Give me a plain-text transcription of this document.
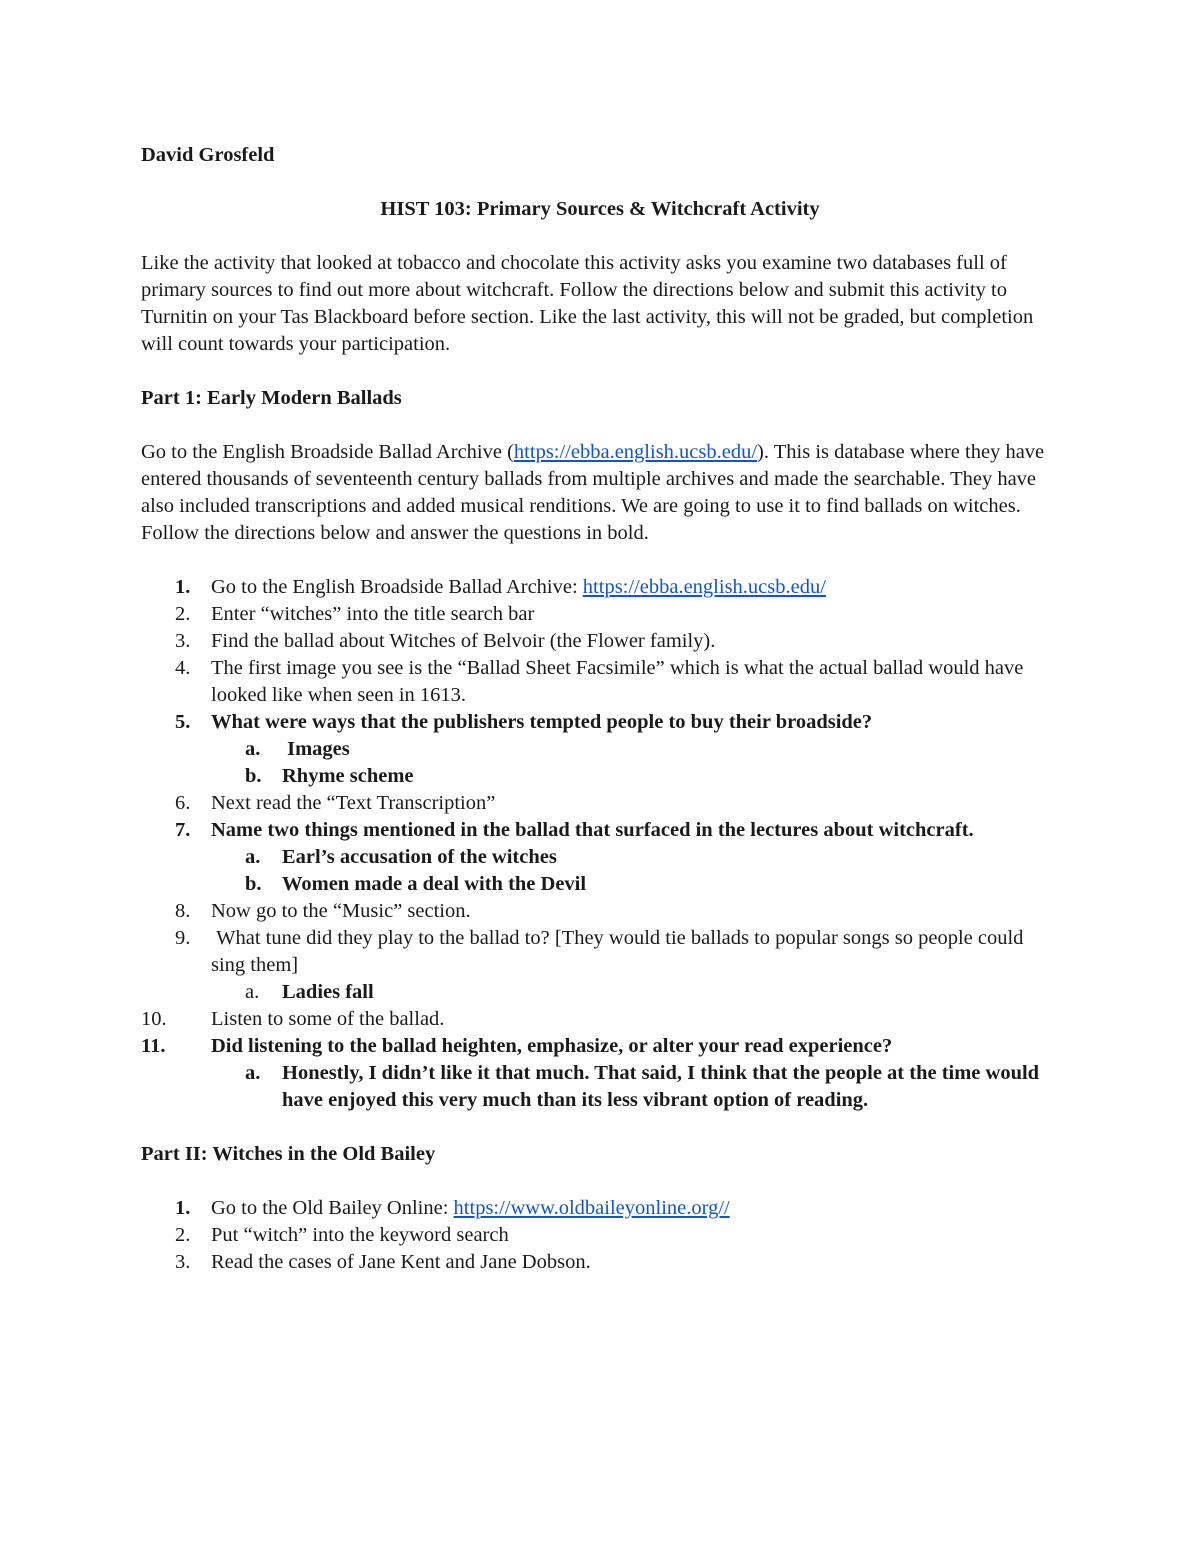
David Grosfeld

HIST 103: Primary Sources & Witchcraft Activity

Like the activity that looked at tobacco and chocolate this activity asks you examine two databases full of primary sources to find out more about witchcraft. Follow the directions below and submit this activity to Turnitin on your Tas Blackboard before section. Like the last activity, this will not be graded, but completion will count towards your participation.

Part 1: Early Modern Ballads

Go to the English Broadside Ballad Archive (https://ebba.english.ucsb.edu/). This is database where they have entered thousands of seventeenth century ballads from multiple archives and made the searchable. They have also included transcriptions and added musical renditions. We are going to use it to find ballads on witches. Follow the directions below and answer the questions in bold.

1. Go to the English Broadside Ballad Archive: https://ebba.english.ucsb.edu/
2. Enter “witches” into the title search bar
3. Find the ballad about Witches of Belvoir (the Flower family).
4. The first image you see is the “Ballad Sheet Facsimile” which is what the actual ballad would have looked like when seen in 1613.
5. What were ways that the publishers tempted people to buy their broadside?
a. Images
b. Rhyme scheme
6. Next read the “Text Transcription”
7. Name two things mentioned in the ballad that surfaced in the lectures about witchcraft.
a. Earl’s accusation of the witches
b. Women made a deal with the Devil
8. Now go to the “Music” section.
9. What tune did they play to the ballad to? [They would tie ballads to popular songs so people could sing them]
a. Ladies fall
10. Listen to some of the ballad.
11. Did listening to the ballad heighten, emphasize, or alter your read experience?
a. Honestly, I didn’t like it that much. That said, I think that the people at the time would have enjoyed this very much than its less vibrant option of reading.
Part II: Witches in the Old Bailey
1. Go to the Old Bailey Online: https://www.oldbaileyonline.org//
2. Put “witch” into the keyword search
3. Read the cases of Jane Kent and Jane Dobson.
